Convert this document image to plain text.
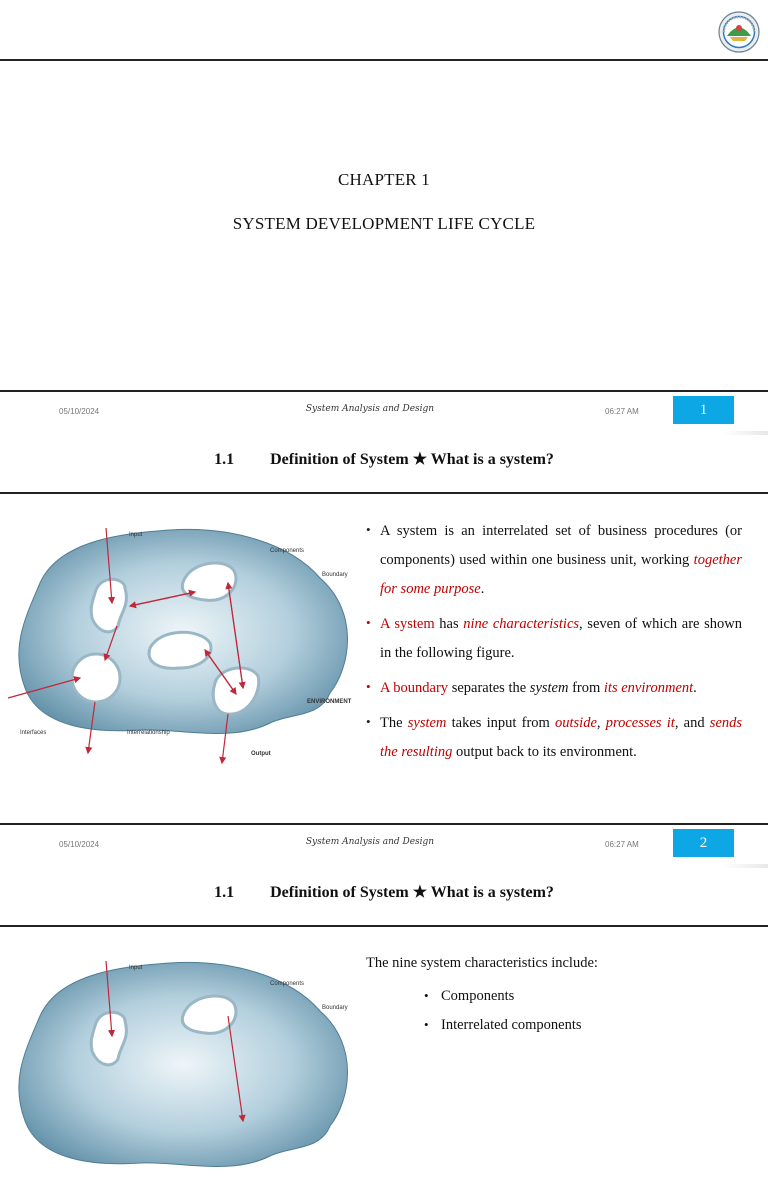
CHAPTER 1
SYSTEM DEVELOPMENT LIFE CYCLE
05/10/2024	System Analysis and Design	06:27 AM	1
1.1 Definition of System ★ What is a system?
Input
Components
Boundary
ENVIRONMENT
Interfaces	Interrelationship
Output
• A system is an interrelated set of business procedures (or components) used within one business unit, working together for some purpose.
• A system has nine characteristics, seven of which are shown in the following figure.
• A boundary separates the system from its environment.
• The system takes input from outside, processes it, and sends the resulting output back to its environment.
05/10/2024	System Analysis and Design	06:27 AM	2
1.1 Definition of System ★ What is a system?
Input
Components
Boundary
The nine system characteristics include:
• Components
• Interrelated components
